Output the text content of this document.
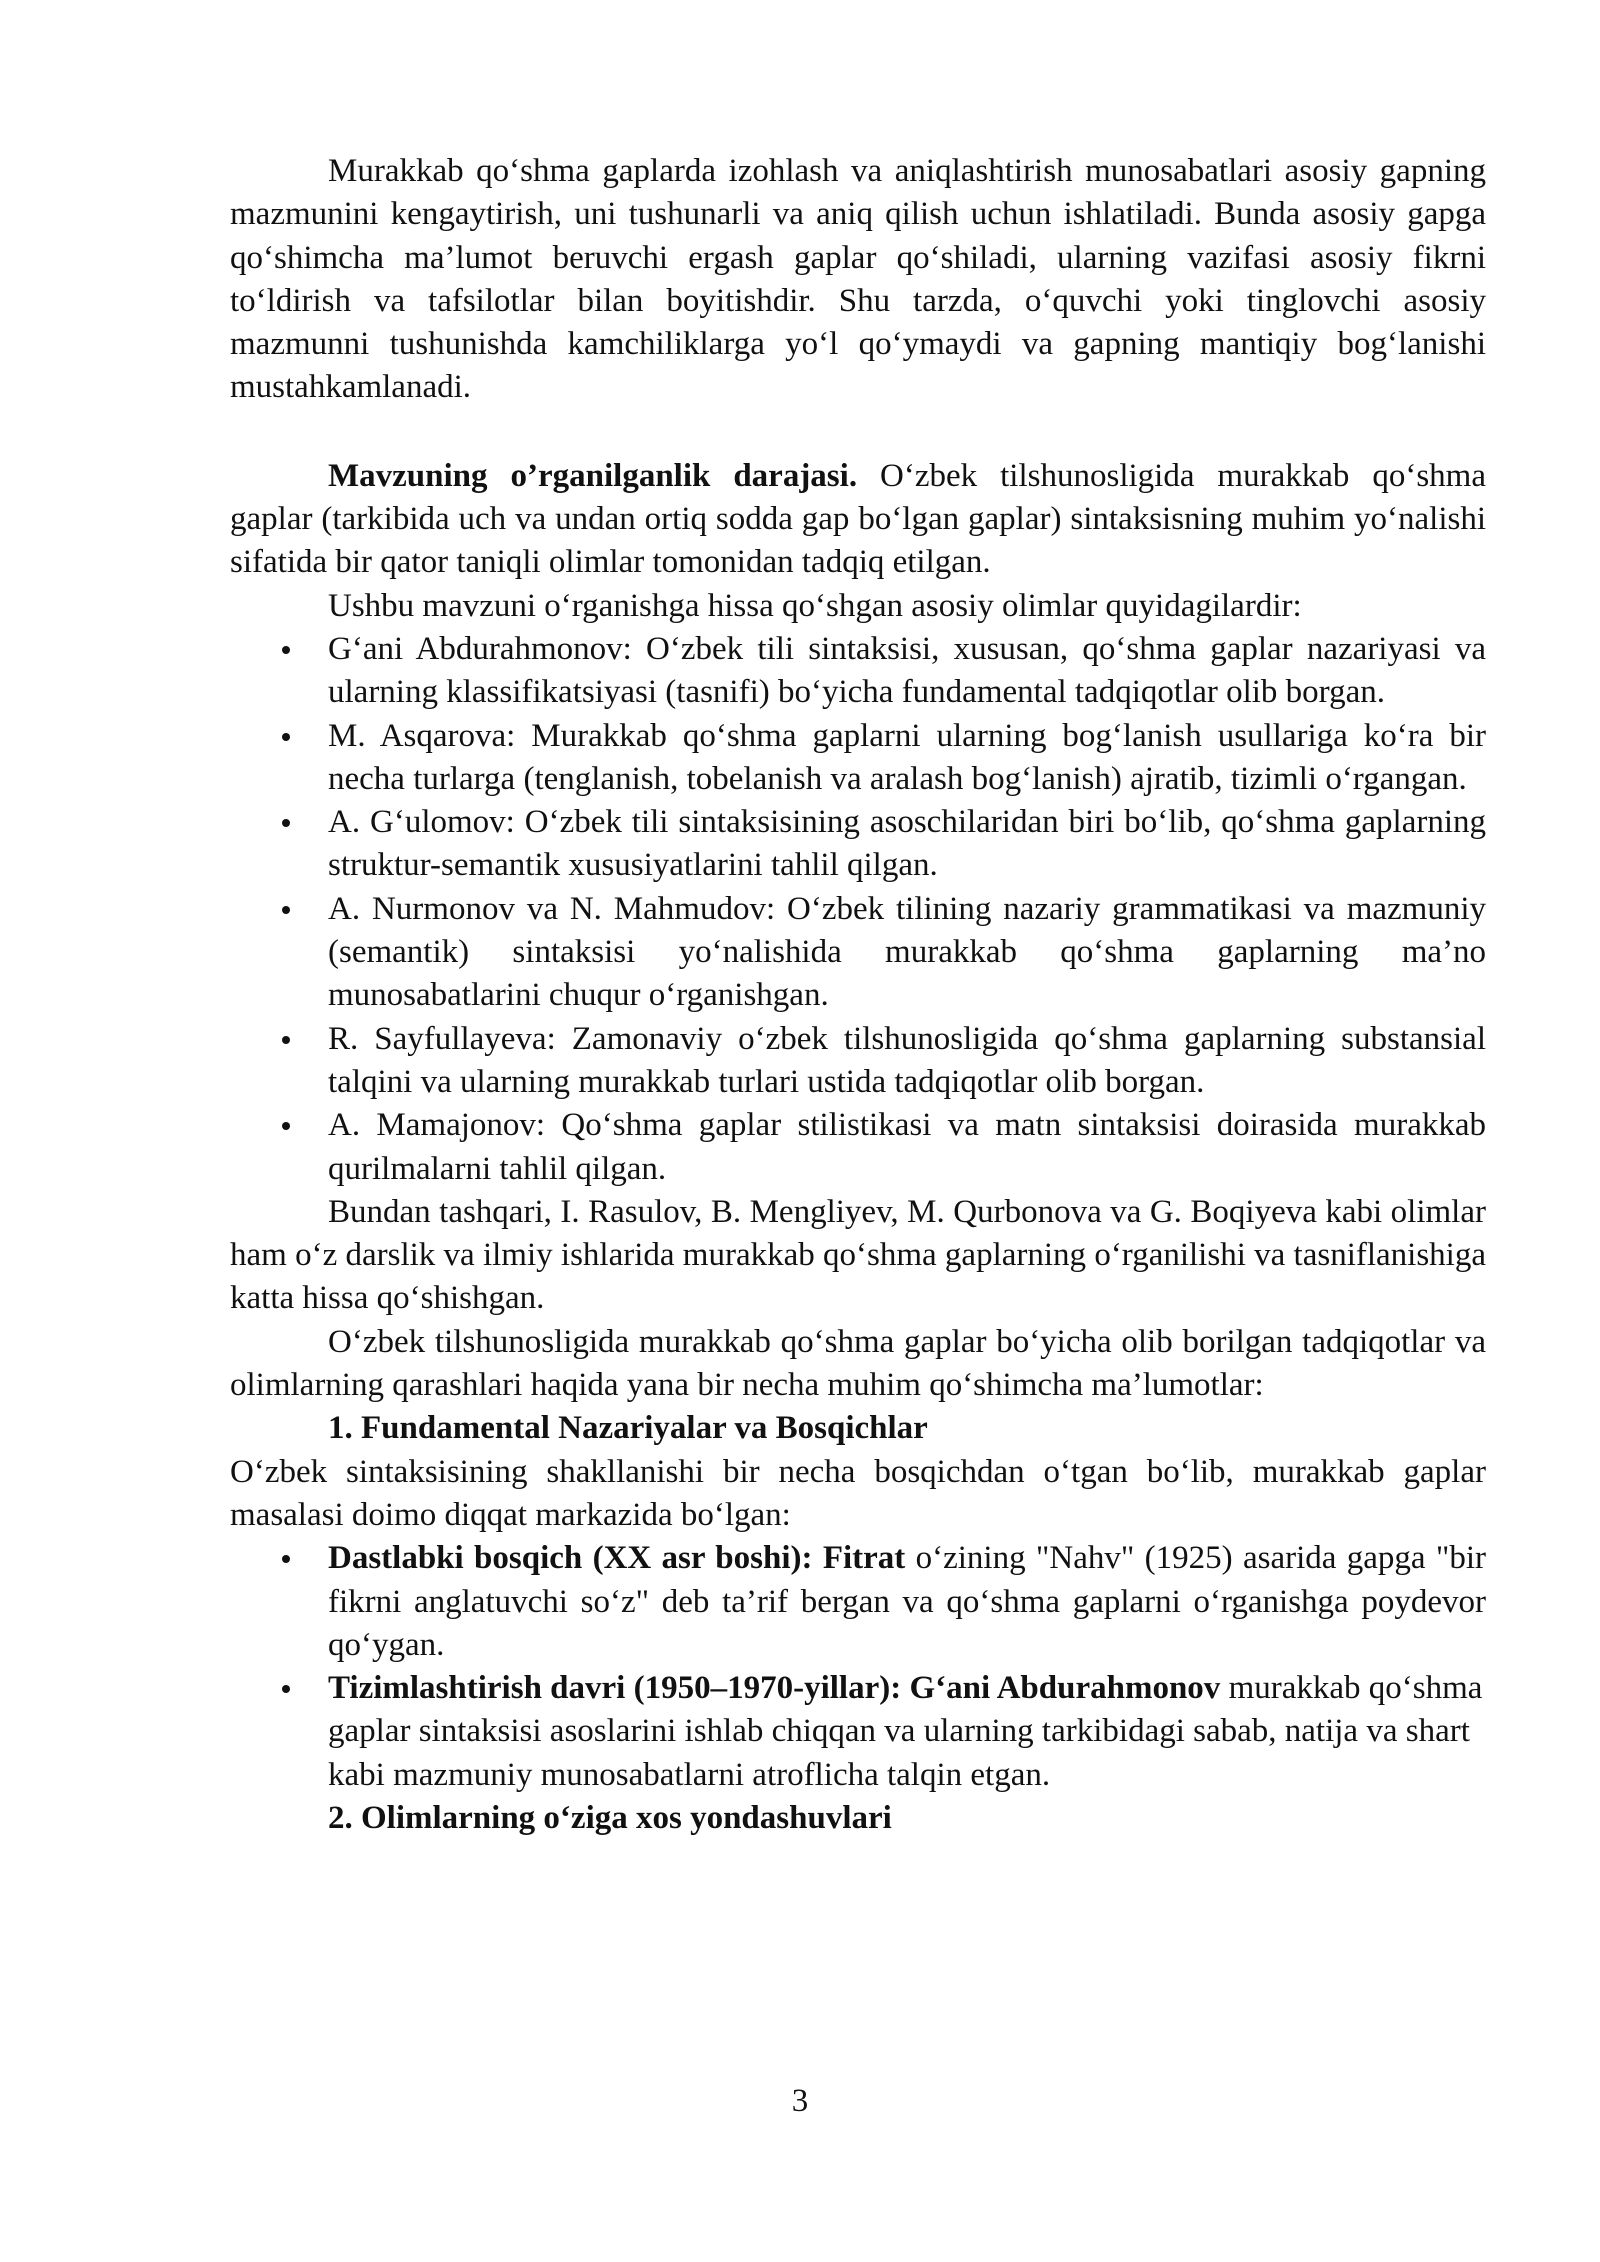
Murakkab qo‘shma gaplarda izohlash va aniqlashtirish munosabatlari asosiy gapning mazmunini kengaytirish, uni tushunarli va aniq qilish uchun ishlatiladi. Bunda asosiy gapga qo‘shimcha ma’lumot beruvchi ergash gaplar qo‘shiladi, ularning vazifasi asosiy fikrni to‘ldirish va tafsilotlar bilan boyitishdir. Shu tarzda, o‘quvchi yoki tinglovchi asosiy mazmunni tushunishda kamchiliklarga yo‘l qo‘ymaydi va gapning mantiqiy bog‘lanishi mustahkamlanadi.

Mavzuning o’rganilganlik darajasi. O‘zbek tilshunosligida murakkab qo‘shma gaplar (tarkibida uch va undan ortiq sodda gap bo‘lgan gaplar) sintaksisning muhim yo‘nalishi sifatida bir qator taniqli olimlar tomonidan tadqiq etilgan.

Ushbu mavzuni o‘rganishga hissa qo‘shgan asosiy olimlar quyidagilardir:

G‘ani Abdurahmonov: O‘zbek tili sintaksisi, xususan, qo‘shma gaplar nazariyasi va ularning klassifikatsiyasi (tasnifi) bo‘yicha fundamental tadqiqotlar olib borgan.
M. Asqarova: Murakkab qo‘shma gaplarni ularning bog‘lanish usullariga ko‘ra bir necha turlarga (tenglanish, tobelanish va aralash bog‘lanish) ajratib, tizimli o‘rgangan.
A. G‘ulomov: O‘zbek tili sintaksisining asoschilaridan biri bo‘lib, qo‘shma gaplarning struktur-semantik xususiyatlarini tahlil qilgan.
A. Nurmonov va N. Mahmudov: O‘zbek tilining nazariy grammatikasi va mazmuniy (semantik) sintaksisi yo‘nalishida murakkab qo‘shma gaplarning ma’no munosabatlarini chuqur o‘rganishgan.
R. Sayfullayeva: Zamonaviy o‘zbek tilshunosligida qo‘shma gaplarning substansial talqini va ularning murakkab turlari ustida tadqiqotlar olib borgan.
A. Mamajonov: Qo‘shma gaplar stilistikasi va matn sintaksisi doirasida murakkab qurilmalarni tahlil qilgan.

Bundan tashqari, I. Rasulov, B. Mengliyev, M. Qurbonova va G. Boqiyeva kabi olimlar ham o‘z darslik va ilmiy ishlarida murakkab qo‘shma gaplarning o‘rganilishi va tasniflanishiga katta hissa qo‘shishgan.

O‘zbek tilshunosligida murakkab qo‘shma gaplar bo‘yicha olib borilgan tadqiqotlar va olimlarning qarashlari haqida yana bir necha muhim qo‘shimcha ma’lumotlar:

1. Fundamental Nazariyalar va Bosqichlar

O‘zbek sintaksisining shakllanishi bir necha bosqichdan o‘tgan bo‘lib, murakkab gaplar masalasi doimo diqqat markazida bo‘lgan:

Dastlabki bosqich (XX asr boshi): Fitrat o‘zining "Nahv" (1925) asarida gapga "bir fikrni anglatuvchi so‘z" deb ta’rif bergan va qo‘shma gaplarni o‘rganishga poydevor qo‘ygan.
Tizimlashtirish davri (1950–1970-yillar): G‘ani Abdurahmonov murakkab qo‘shma gaplar sintaksisi asoslarini ishlab chiqqan va ularning tarkibidagi sabab, natija va shart kabi mazmuniy munosabatlarni atroflicha talqin etgan.

2. Olimlarning o‘ziga xos yondashuvlari

3
